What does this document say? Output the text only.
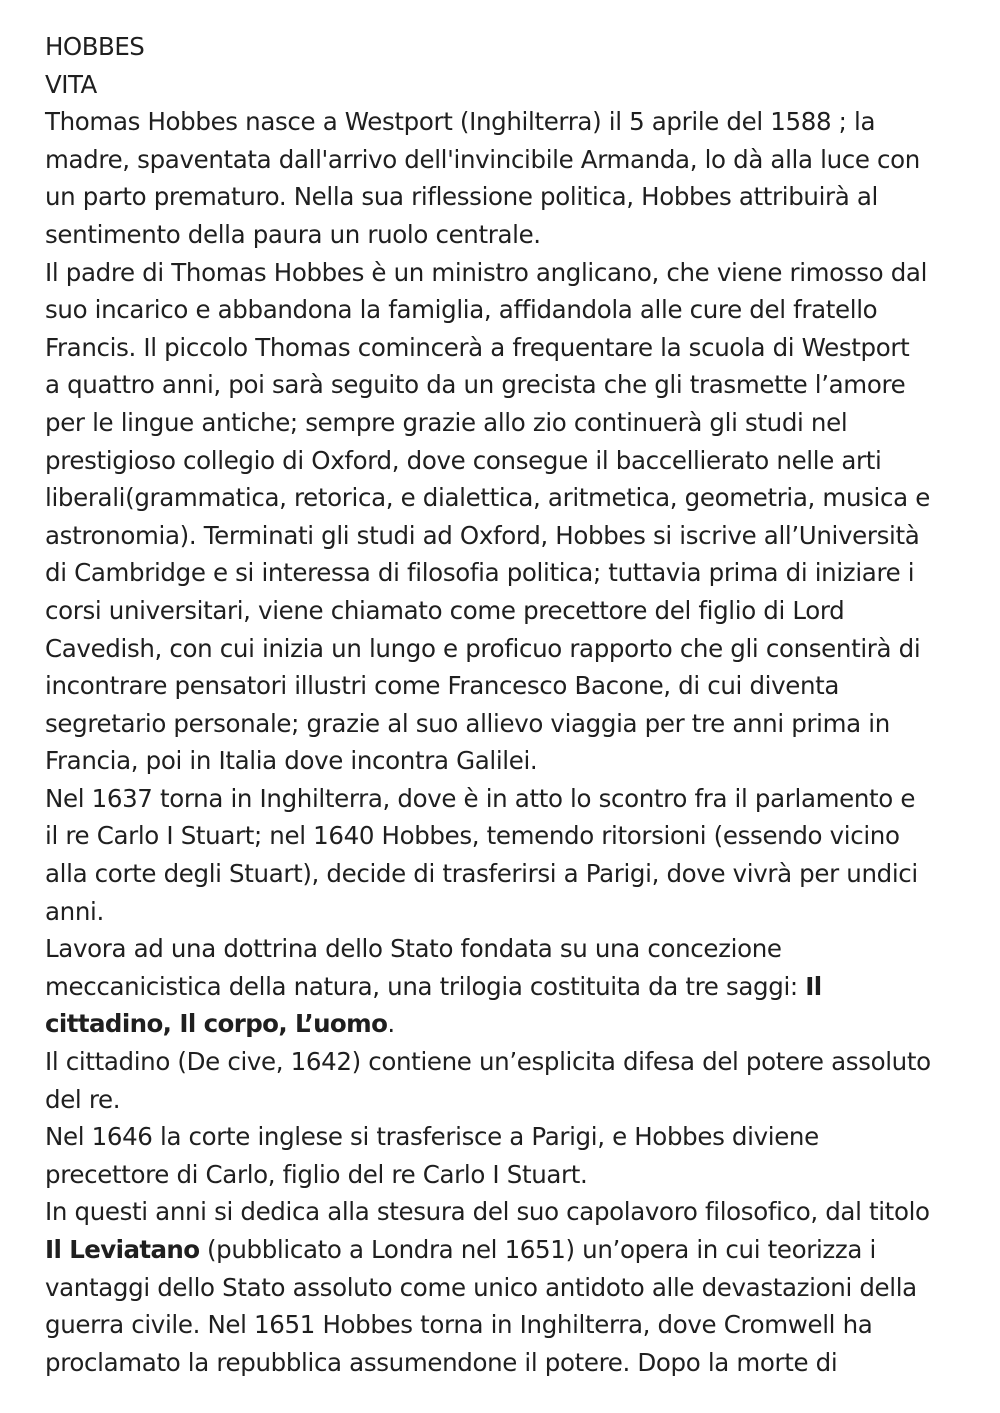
HOBBES
VITA
Thomas Hobbes nasce a Westport (Inghilterra) il 5 aprile del 1588 ; la
madre, spaventata dall'arrivo dell'invincibile Armanda, lo dà alla luce con
un parto prematuro. Nella sua riflessione politica, Hobbes attribuirà al
sentimento della paura un ruolo centrale.
Il padre di Thomas Hobbes è un ministro anglicano, che viene rimosso dal
suo incarico e abbandona la famiglia, affidandola alle cure del fratello
Francis. Il piccolo Thomas comincerà a frequentare la scuola di Westport
a quattro anni, poi sarà seguito da un grecista che gli trasmette l’amore
per le lingue antiche; sempre grazie allo zio continuerà gli studi nel
prestigioso collegio di Oxford, dove consegue il baccellierato nelle arti
liberali(grammatica, retorica, e dialettica, aritmetica, geometria, musica e
astronomia). Terminati gli studi ad Oxford, Hobbes si iscrive all’Università
di Cambridge e si interessa di filosofia politica; tuttavia prima di iniziare i
corsi universitari, viene chiamato come precettore del figlio di Lord
Cavedish, con cui inizia un lungo e proficuo rapporto che gli consentirà di
incontrare pensatori illustri come Francesco Bacone, di cui diventa
segretario personale; grazie al suo allievo viaggia per tre anni prima in
Francia, poi in Italia dove incontra Galilei.
Nel 1637 torna in Inghilterra, dove è in atto lo scontro fra il parlamento e
il re Carlo I Stuart; nel 1640 Hobbes, temendo ritorsioni (essendo vicino
alla corte degli Stuart), decide di trasferirsi a Parigi, dove vivrà per undici
anni.
Lavora ad una dottrina dello Stato fondata su una concezione
meccanicistica della natura, una trilogia costituita da tre saggi: Il
cittadino, Il corpo, L’uomo.
Il cittadino (De cive, 1642) contiene un’esplicita difesa del potere assoluto
del re.
Nel 1646 la corte inglese si trasferisce a Parigi, e Hobbes diviene
precettore di Carlo, figlio del re Carlo I Stuart.
In questi anni si dedica alla stesura del suo capolavoro filosofico, dal titolo
Il Leviatano (pubblicato a Londra nel 1651) un’opera in cui teorizza i
vantaggi dello Stato assoluto come unico antidoto alle devastazioni della
guerra civile. Nel 1651 Hobbes torna in Inghilterra, dove Cromwell ha
proclamato la repubblica assumendone il potere. Dopo la morte di
